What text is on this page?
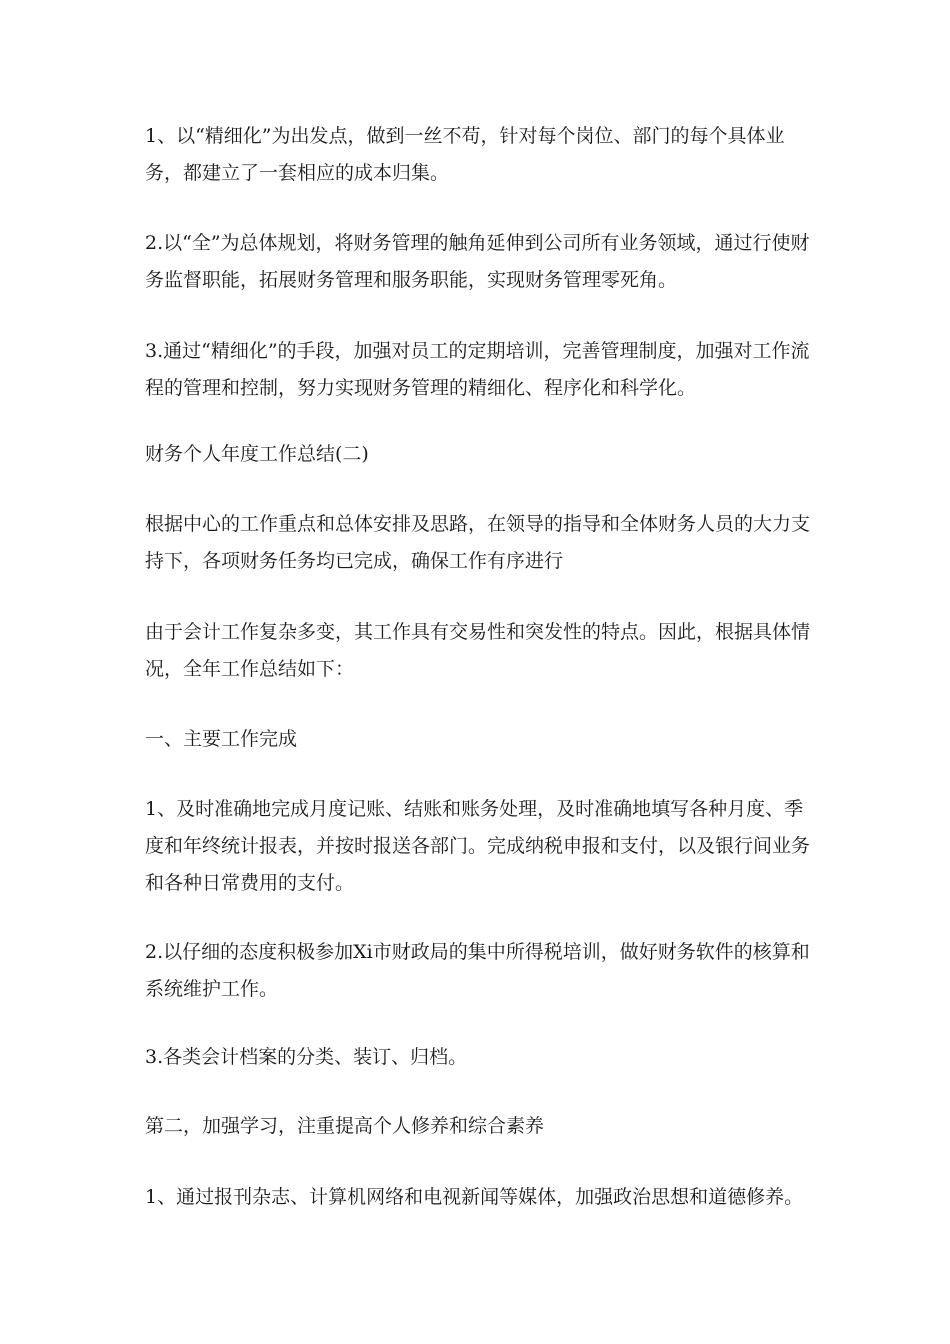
1、以“精细化”为出发点，做到一丝不苟，针对每个岗位、部门的每个具体业务，都建立了一套相应的成本归集。

2.以“全”为总体规划，将财务管理的触角延伸到公司所有业务领域，通过行使财务监督职能，拓展财务管理和服务职能，实现财务管理零死角。

3.通过“精细化”的手段，加强对员工的定期培训，完善管理制度，加强对工作流程的管理和控制，努力实现财务管理的精细化、程序化和科学化。

财务个人年度工作总结(二)

根据中心的工作重点和总体安排及思路，在领导的指导和全体财务人员的大力支持下，各项财务任务均已完成，确保工作有序进行

由于会计工作复杂多变，其工作具有交易性和突发性的特点。因此，根据具体情况，全年工作总结如下：

一、主要工作完成

1、及时准确地完成月度记账、结账和账务处理，及时准确地填写各种月度、季度和年终统计报表，并按时报送各部门。完成纳税申报和支付，以及银行间业务和各种日常费用的支付。

2.以仔细的态度积极参加Xi市财政局的集中所得税培训，做好财务软件的核算和系统维护工作。

3.各类会计档案的分类、装订、归档。

第二，加强学习，注重提高个人修养和综合素养

1、通过报刊杂志、计算机网络和电视新闻等媒体，加强政治思想和道德修养。
